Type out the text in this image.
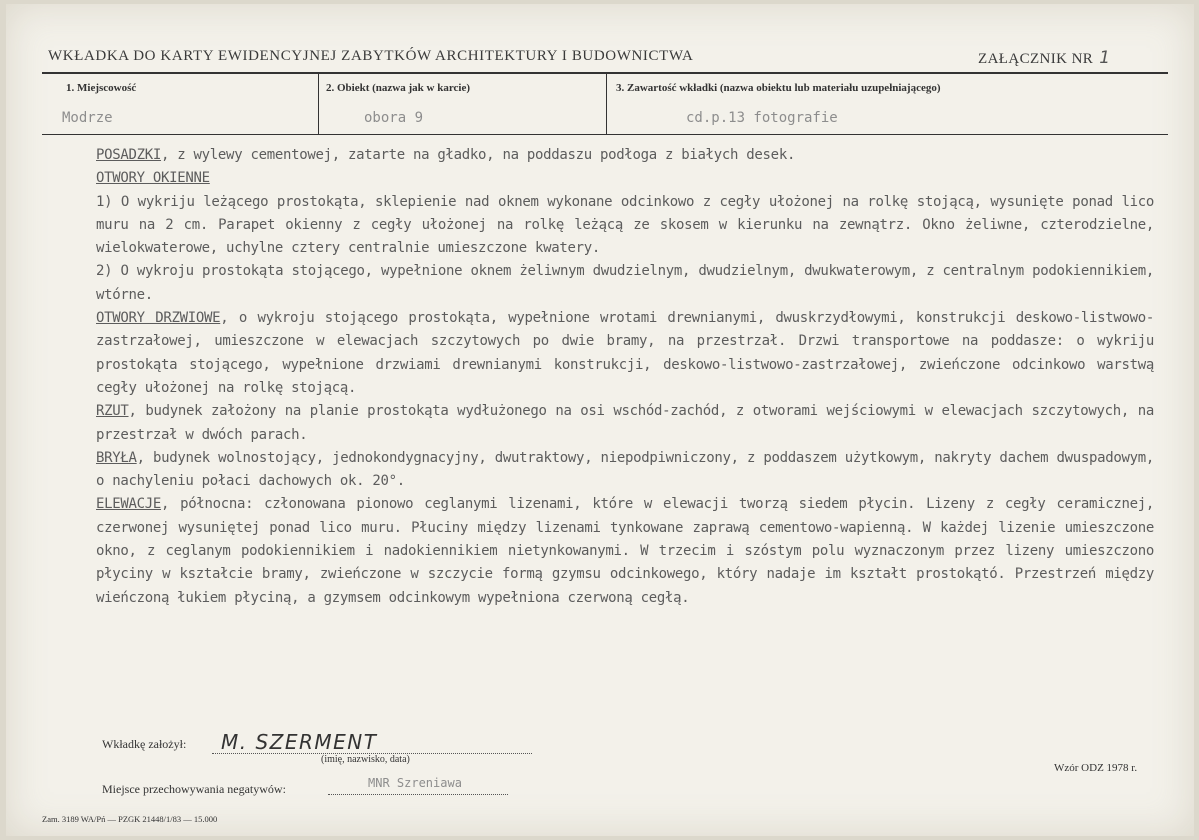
WKŁADKA DO KARTY EWIDENCYJNEJ ZABYTKÓW ARCHITEKTURY I BUDOWNICTWA	ZAŁĄCZNIK NR 1
1. Miejscowość	2. Obiekt (nazwa jak w karcie)	3. Zawartość wkładki (nazwa obiektu lub materiału uzupełniającego)
Modrze	obora 9	cd.p.13 fotografie

POSADZKI, z wylewy cementowej, zatarte na gładko, na poddaszu podłoga z białych desek.

OTWORY OKIENNE

1) O wykriju leżącego prostokąta, sklepienie nad oknem wykonane odcinkowo z cegły ułożonej na rolkę stojącą, wysunięte ponad lico muru na 2 cm. Parapet okienny z cegły ułożonej na rolkę leżącą ze skosem w kierunku na zewnątrz. Okno żeliwne, czterodzielne, wielokwaterowe, uchylne cztery centralnie umieszczone kwatery.

2) O wykroju prostokąta stojącego, wypełnione oknem żeliwnym dwudzielnym, dwudzielnym, dwukwaterowym, z centralnym podokiennikiem, wtórne.

OTWORY DRZWIOWE, o wykroju stojącego prostokąta, wypełnione wrotami drewnianymi, dwuskrzydłowymi, konstrukcji deskowo-listwowo-zastrzałowej, umieszczone w elewacjach szczytowych po dwie bramy, na przestrzał. Drzwi transportowe na poddasze: o wykriju prostokąta stojącego, wypełnione drzwiami drewnianymi konstrukcji, deskowo-listwowo-zastrzałowej, zwieńczone odcinkowo warstwą cegły ułożonej na rolkę stojącą.

RZUT, budynek założony na planie prostokąta wydłużonego na osi wschód-zachód, z otworami wejściowymi w elewacjach szczytowych, na przestrzał w dwóch parach.

BRYŁA, budynek wolnostojący, jednokondygnacyjny, dwutraktowy, niepodpiwniczony, z poddaszem użytkowym, nakryty dachem dwuspadowym, o nachyleniu połaci dachowych ok. 20°.

ELEWACJE, północna: członowana pionowo ceglanymi lizenami, które w elewacji tworzą siedem płycin. Lizeny z cegły ceramicznej, czerwonej wysuniętej ponad lico muru. Płuciny między lizenami tynkowane zaprawą cementowo-wapienną. W każdej lizenie umieszczone okno, z ceglanym podokiennikiem i nadokiennikiem nietynkowanymi. W trzecim i szóstym polu wyznaczonym przez lizeny umieszczono płyciny w kształcie bramy, zwieńczone w szczycie formą gzymsu odcinkowego, który nadaje im kształt prostokątó. Przestrzeń między wieńczoną łukiem płyciną, a gzymsem odcinkowym wypełniona czerwoną cegłą.

Wkładkę założył: M. SZERMENT
(imię, nazwisko, data)
Wzór ODZ 1978 r.
Miejsce przechowywania negatywów:	MNR Szreniawa
Zam. 3189 WA/Pń — PZGK 21448/1/83 — 15.000
